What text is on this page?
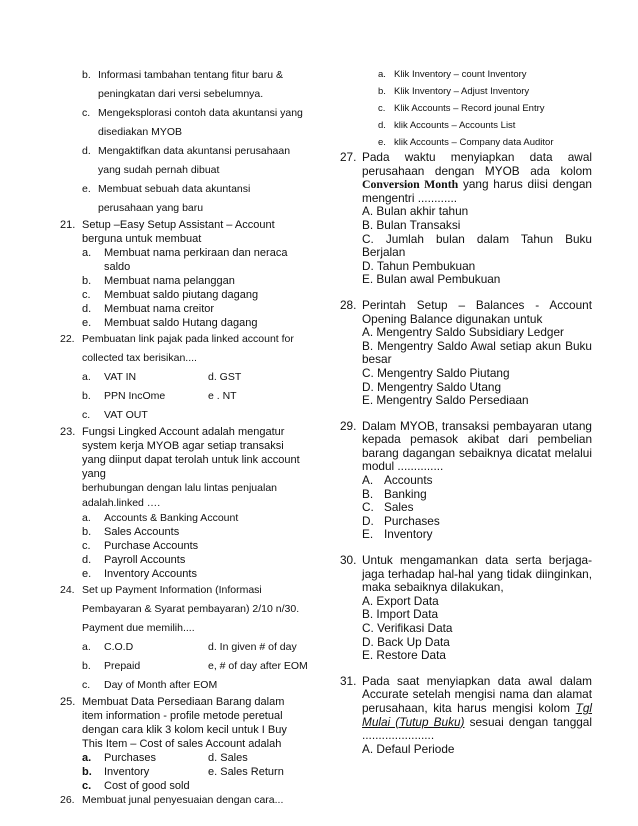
b. Informasi tambahan tentang fitur baru & peningkatan dari versi sebelumnya.
c. Mengeksplorasi contoh data akuntansi yang disediakan MYOB
d. Mengaktifkan data akuntansi perusahaan yang sudah pernah dibuat
e. Membuat sebuah data akuntansi perusahaan yang baru
21. Setup –Easy Setup Assistant – Account berguna untuk membuat
a. Membuat nama perkiraan dan neraca saldo
b. Membuat nama pelanggan
c. Membuat saldo piutang dagang
d. Membuat nama creitor
e. Membuat saldo Hutang dagang
22. Pembuatan link pajak pada linked account for collected tax berisikan....
a. VAT IN	d. GST
b. PPN IncOme	e . NT
c. VAT OUT
23. Fungsi Lingked Account adalah mengatur system kerja MYOB agar setiap transaksi yang diinput dapat terolah untuk link account yang
berhubungan dengan lalu lintas penjualan adalah.linked ….
a. Accounts & Banking Account
b. Sales Accounts
c. Purchase Accounts
d. Payroll Accounts
e. Inventory Accounts
24. Set up Payment Information (Informasi Pembayaran & Syarat pembayaran) 2/10 n/30. Payment due memilih....
a. C.O.D	d. In given # of day
b. Prepaid	e, # of day after EOM
c. Day of Month after EOM
25. Membuat Data Persediaan Barang dalam item information - profile metode peretual dengan cara klik 3 kolom kecil untuk I Buy This Item – Cost of sales Account adalah
a. Purchases	d. Sales
b. Inventory	e. Sales Return
c. Cost of good sold
26. Membuat junal penyesuaian dengan cara...
a. Klik Inventory – count Inventory
b. Klik Inventory – Adjust Inventory
c. Klik Accounts – Record jounal Entry
d. klik Accounts – Accounts List
e. klik Accounts – Company data Auditor
27. Pada waktu menyiapkan data awal perusahaan dengan MYOB ada kolom Conversion Month yang harus diisi dengan mengentri ............
A. Bulan akhir tahun
B. Bulan Transaksi
C. Jumlah bulan dalam Tahun Buku Berjalan
D. Tahun Pembukuan
E. Bulan awal Pembukuan
28. Perintah Setup – Balances - Account Opening Balance digunakan untuk
A. Mengentry Saldo Subsidiary Ledger
B. Mengentry Saldo Awal setiap akun Buku besar
C. Mengentry Saldo Piutang
D. Mengentry Saldo Utang
E. Mengentry Saldo Persediaan
29. Dalam MYOB, transaksi pembayaran utang kepada pemasok akibat dari pembelian barang dagangan sebaiknya dicatat melalui modul ..............
A. Accounts
B. Banking
C. Sales
D. Purchases
E. Inventory
30. Untuk mengamankan data serta berjaga-jaga terhadap hal-hal yang tidak diinginkan, maka sebaiknya dilakukan,
A. Export Data
B. Import Data
C. Verifikasi Data
D. Back Up Data
E. Restore Data
31. Pada saat menyiapkan data awal dalam Accurate setelah mengisi nama dan alamat perusahaan, kita harus mengisi kolom Tgl Mulai (Tutup Buku) sesuai dengan tanggal ......................
A. Defaul Periode
